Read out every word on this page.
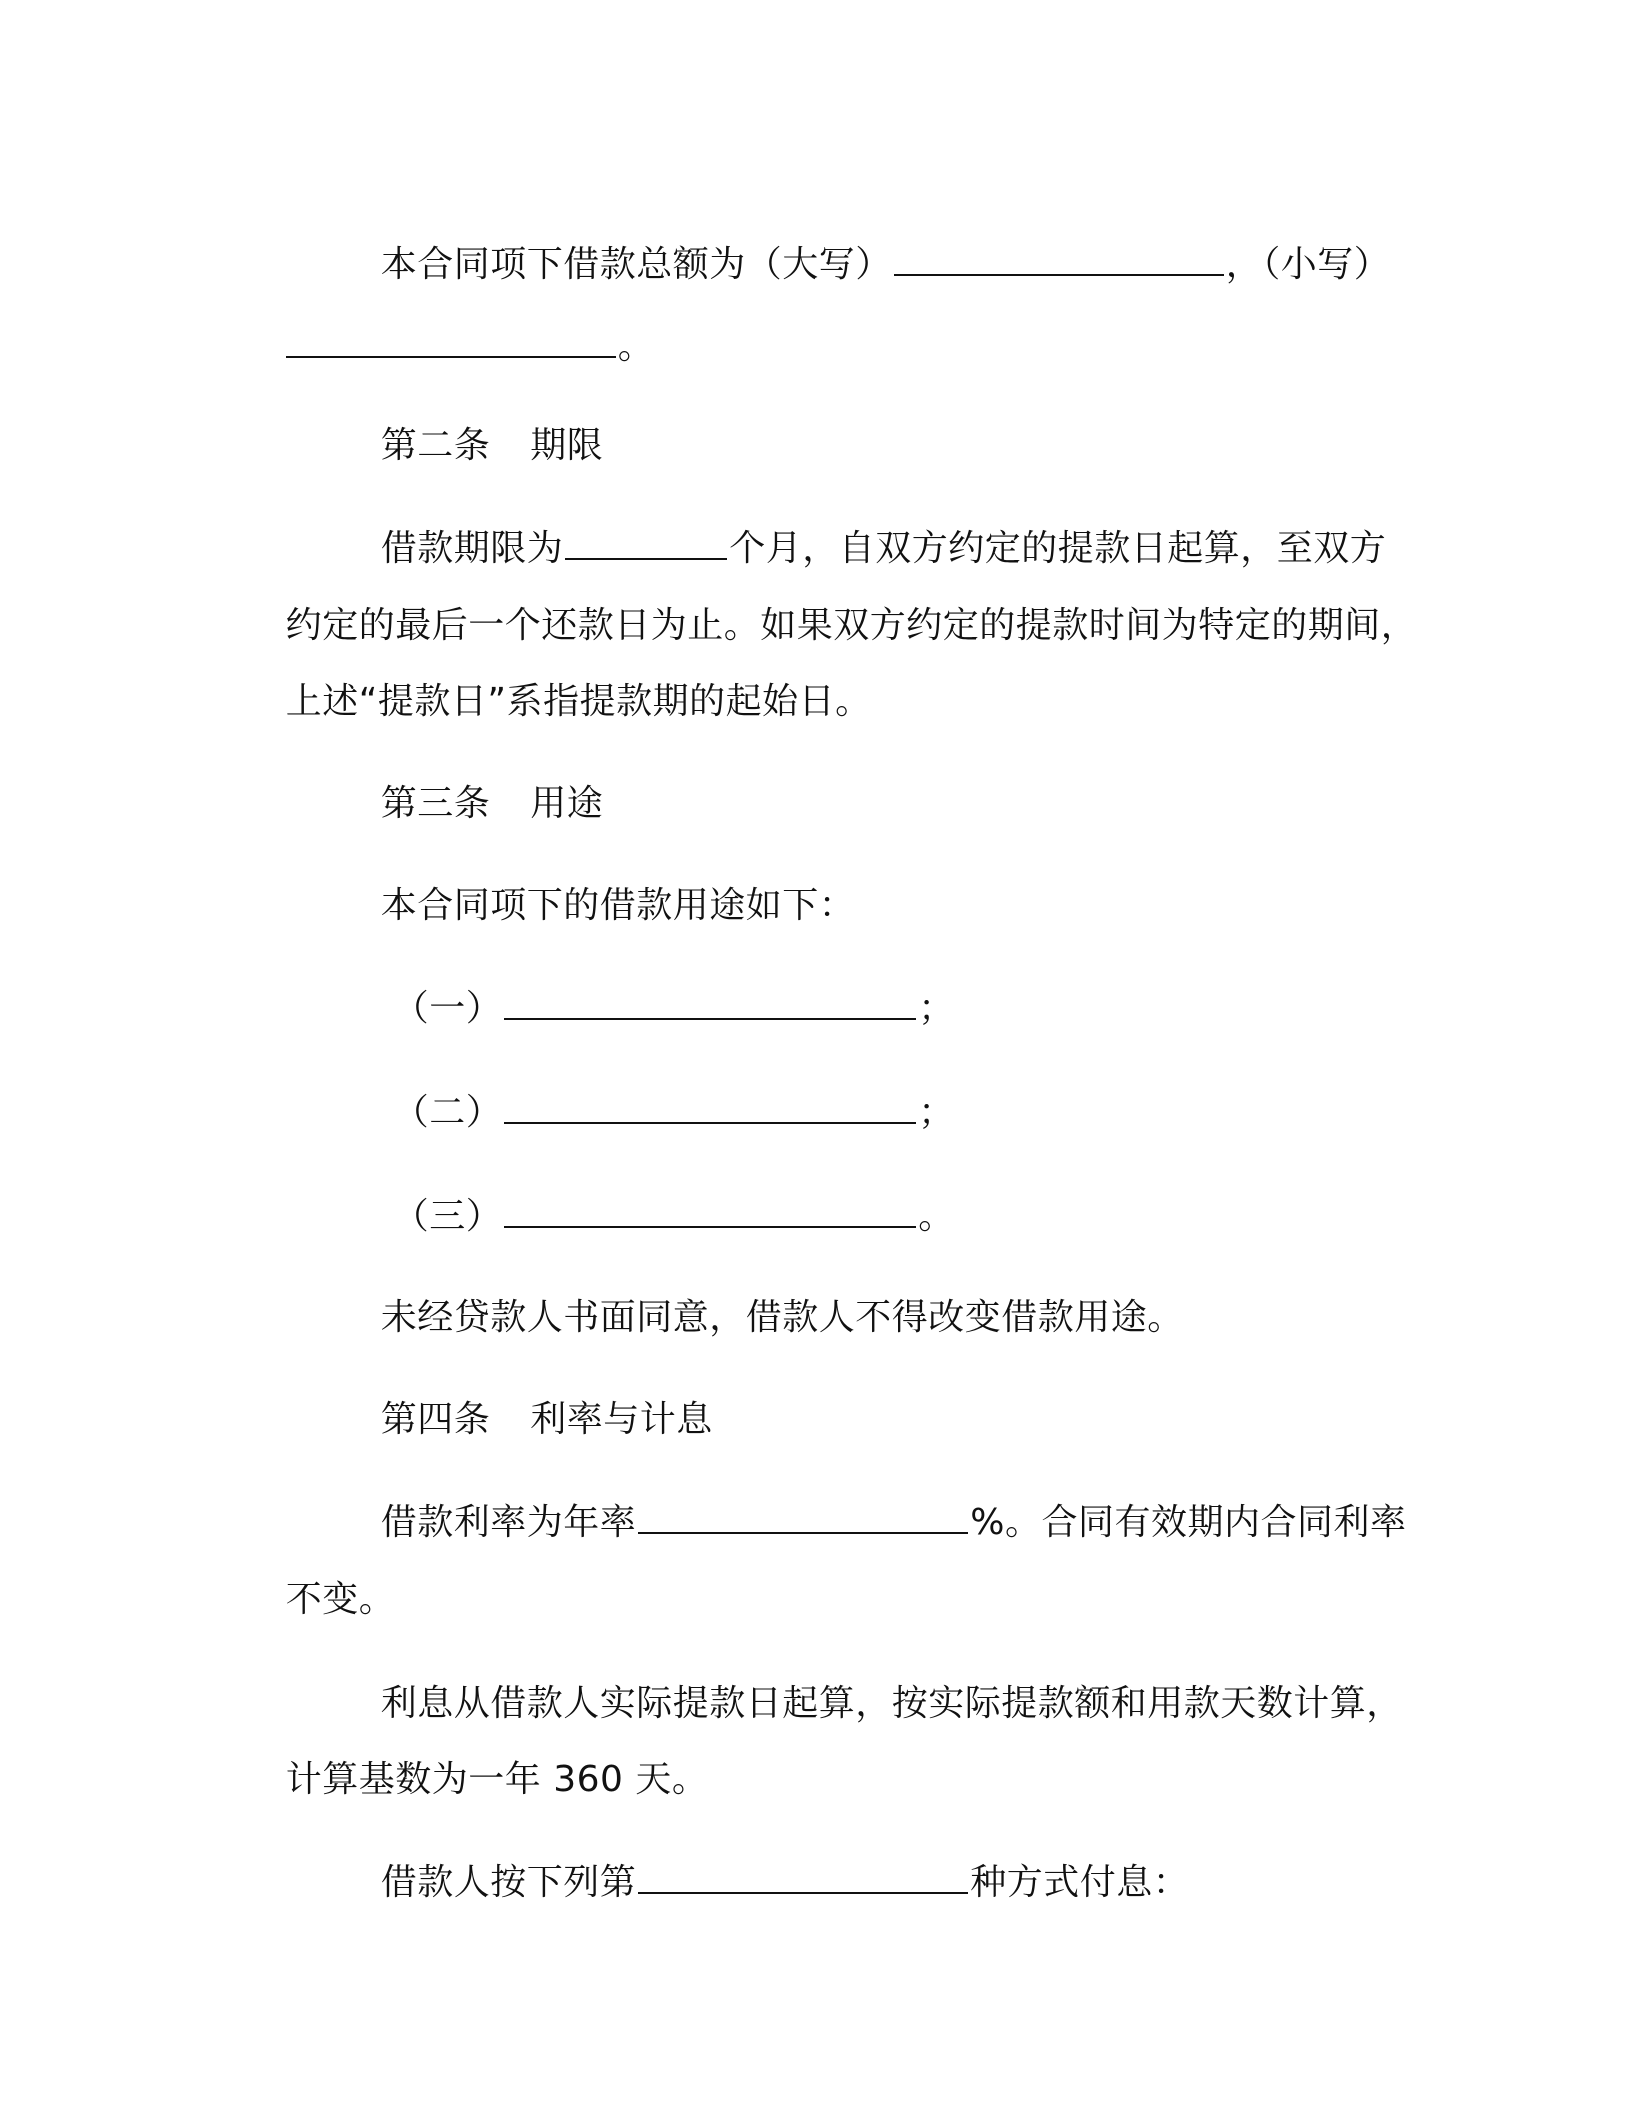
本合同项下借款总额为（大写）	，（小写）

。

第二条 期限

借款期限为	个月，自双方约定的提款日起算，至双方

约定的最后一个还款日为止。如果双方约定的提款时间为特定的期间，

上述“提款日”系指提款期的起始日。

第三条 用途

本合同项下的借款用途如下：

（一）	；

（二）	；

（三）	。

未经贷款人书面同意，借款人不得改变借款用途。

第四条 利率与计息

借款利率为年率	%。合同有效期内合同利率

不变。

利息从借款人实际提款日起算，按实际提款额和用款天数计算，

计算基数为一年 360 天。

借款人按下列第	种方式付息：
